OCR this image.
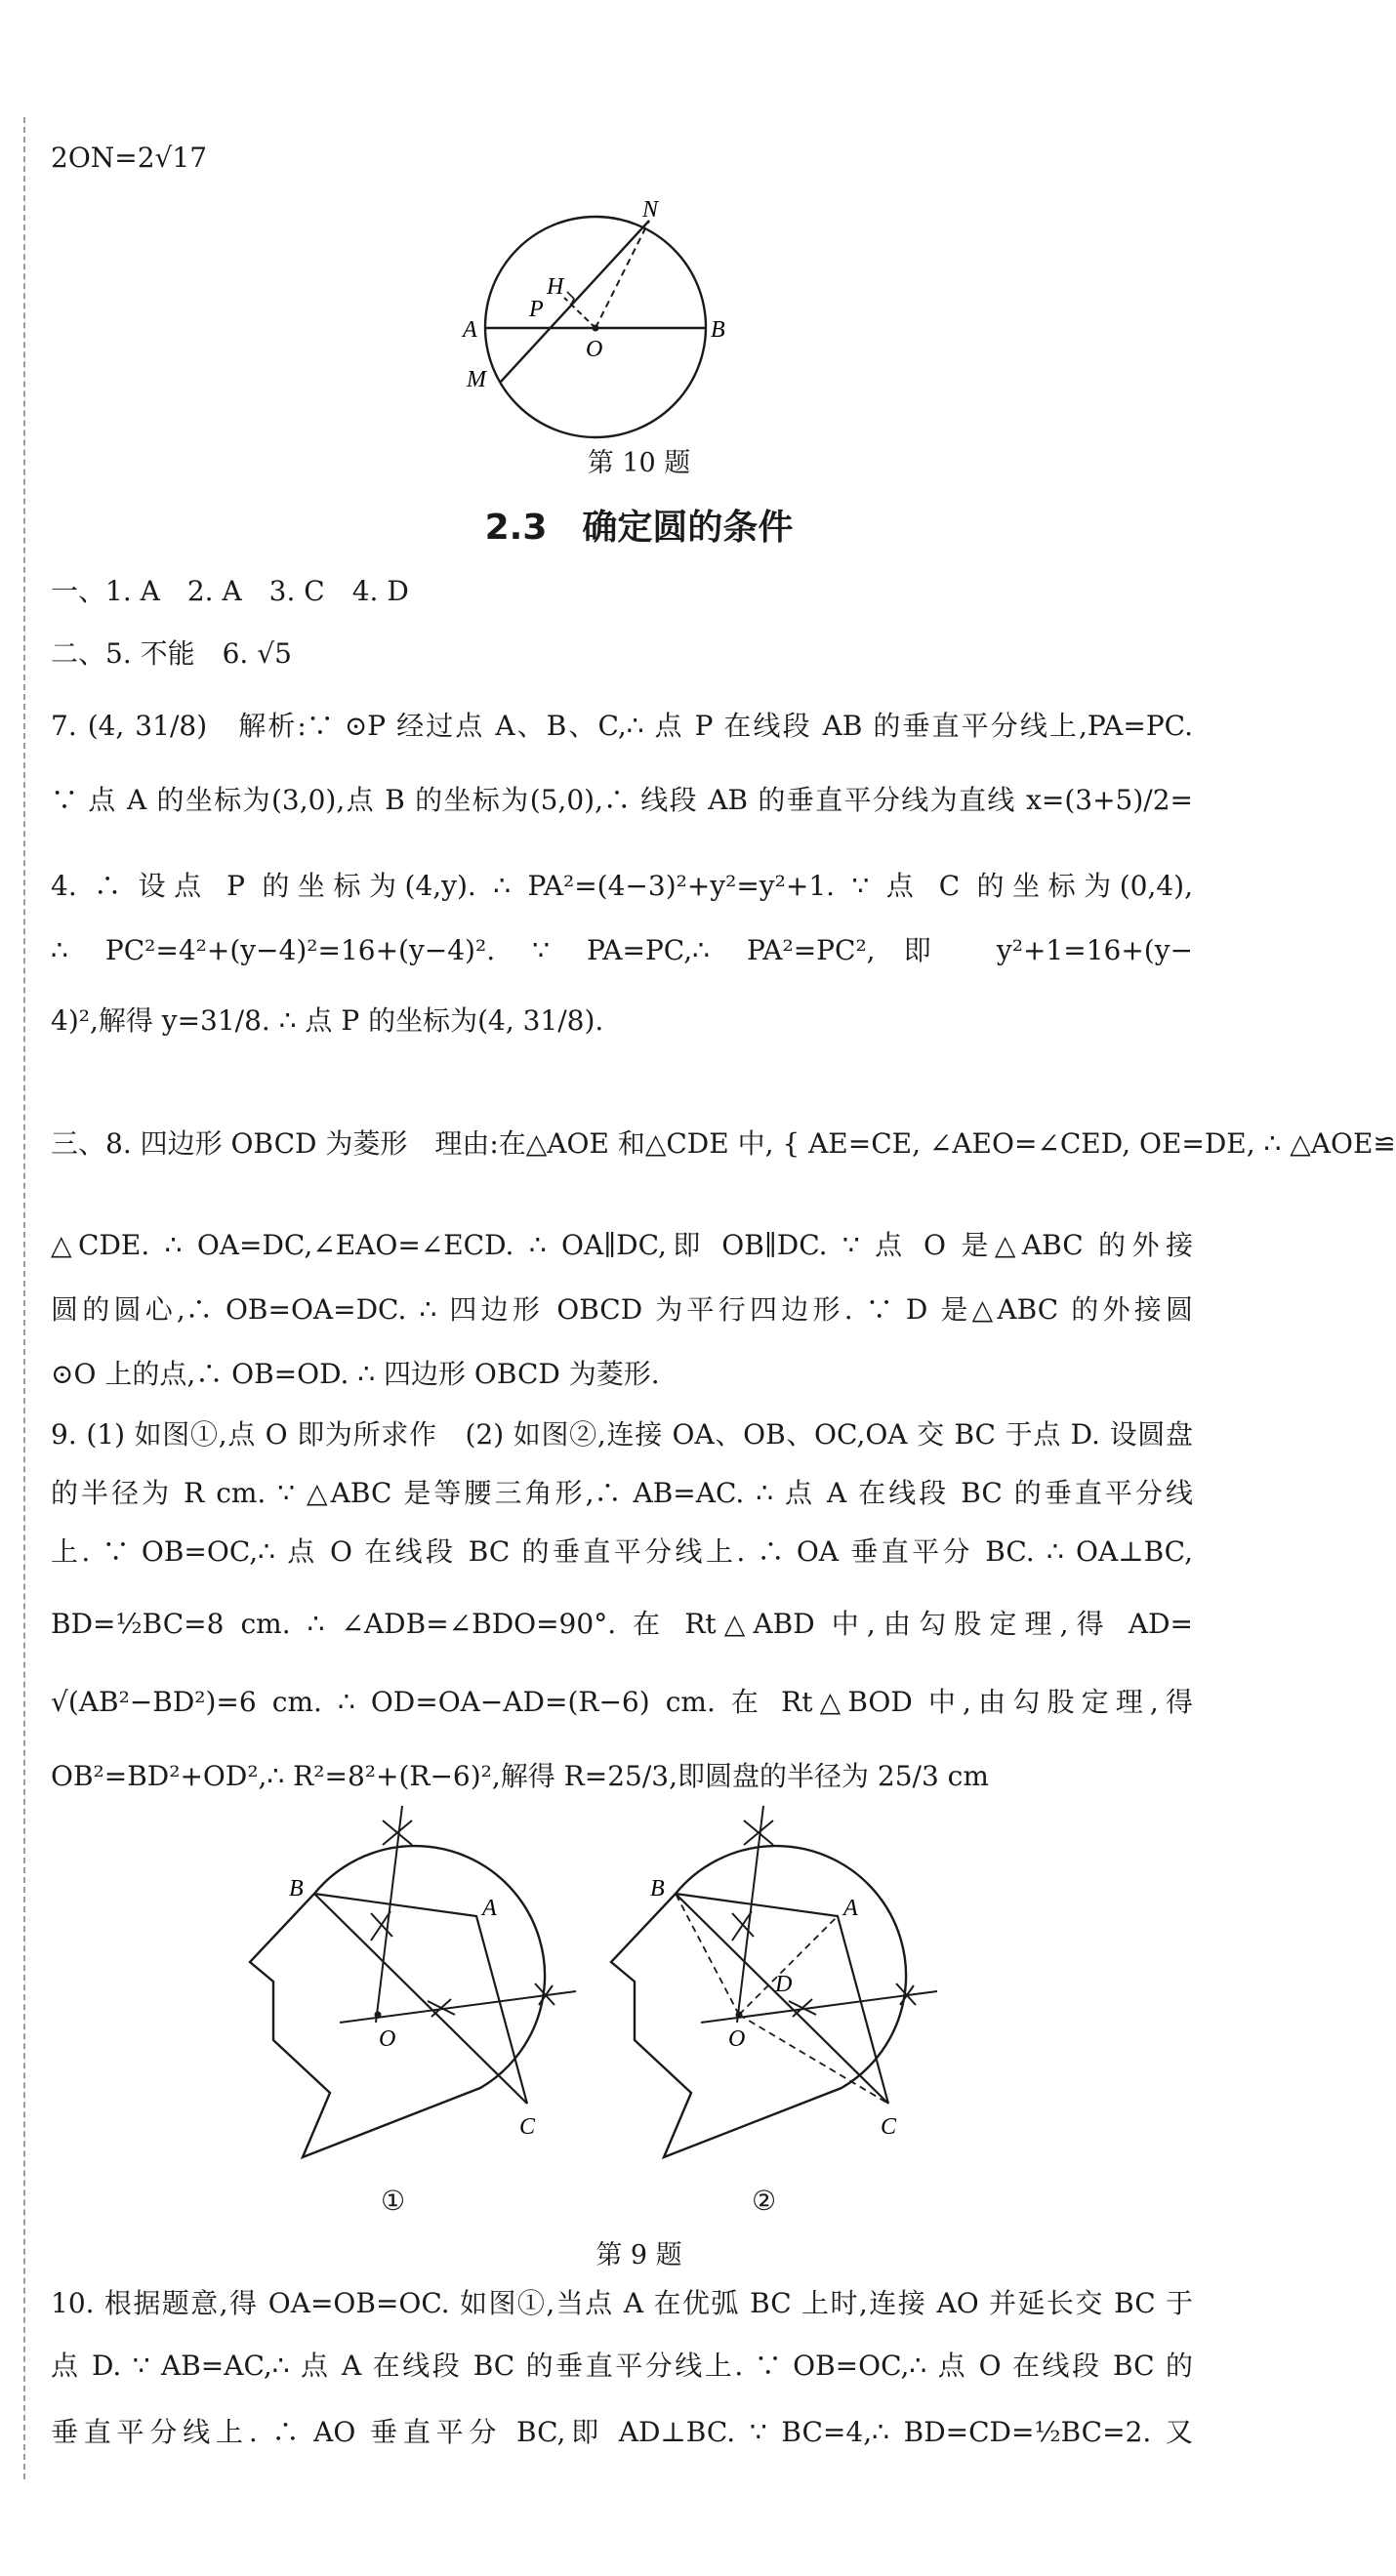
2ON=2√17
N
H
P
A	B
O
M
第 10 题
2.3　确定圆的条件
一、1. A　2. A　3. C　4. D
二、5. 不能　6. √5
7. (4, 31/8)　解析:∵ ⊙P 经过点 A、B、C,∴ 点 P 在线段 AB 的垂直平分线上,PA=PC.
∵ 点 A 的坐标为(3,0),点 B 的坐标为(5,0),∴ 线段 AB 的垂直平分线为直线 x=(3+5)/2=
4. ∴ 设点 P 的坐标为(4,y). ∴ PA²=(4−3)²+y²=y²+1. ∵ 点 C 的坐标为(0,4),
∴ PC²=4²+(y−4)²=16+(y−4)². ∵ PA=PC,∴ PA²=PC²,即 y²+1=16+(y−
4)²,解得 y=31/8. ∴ 点 P 的坐标为(4, 31/8).
三、8. 四边形 OBCD 为菱形　理由:在△AOE 和△CDE 中, { AE=CE, ∠AEO=∠CED, OE=DE, ∴ △AOE≌
△CDE. ∴ OA=DC,∠EAO=∠ECD. ∴ OA∥DC,即 OB∥DC. ∵ 点 O 是△ABC 的外接
圆的圆心,∴ OB=OA=DC. ∴ 四边形 OBCD 为平行四边形. ∵ D 是△ABC 的外接圆
⊙O 上的点,∴ OB=OD. ∴ 四边形 OBCD 为菱形.
9. (1) 如图①,点 O 即为所求作　(2) 如图②,连接 OA、OB、OC,OA 交 BC 于点 D. 设圆盘
的半径为 R cm. ∵ △ABC 是等腰三角形,∴ AB=AC. ∴ 点 A 在线段 BC 的垂直平分线
上. ∵ OB=OC,∴ 点 O 在线段 BC 的垂直平分线上. ∴ OA 垂直平分 BC. ∴ OA⊥BC,
BD=½BC=8 cm. ∴ ∠ADB=∠BDO=90°. 在 Rt△ABD 中,由勾股定理,得 AD=
√(AB²−BD²)=6 cm. ∴ OD=OA−AD=(R−6) cm. 在 Rt△BOD 中,由勾股定理,得
OB²=BD²+OD²,∴ R²=8²+(R−6)²,解得 R=25/3,即圆盘的半径为 25/3 cm
B
A
O
C
B
A
D
O
C
①	②
第 9 题
10. 根据题意,得 OA=OB=OC. 如图①,当点 A 在优弧 BC 上时,连接 AO 并延长交 BC 于
点 D. ∵ AB=AC,∴ 点 A 在线段 BC 的垂直平分线上. ∵ OB=OC,∴ 点 O 在线段 BC 的
垂直平分线上. ∴ AO 垂直平分 BC,即 AD⊥BC. ∵ BC=4,∴ BD=CD=½BC=2. 又
